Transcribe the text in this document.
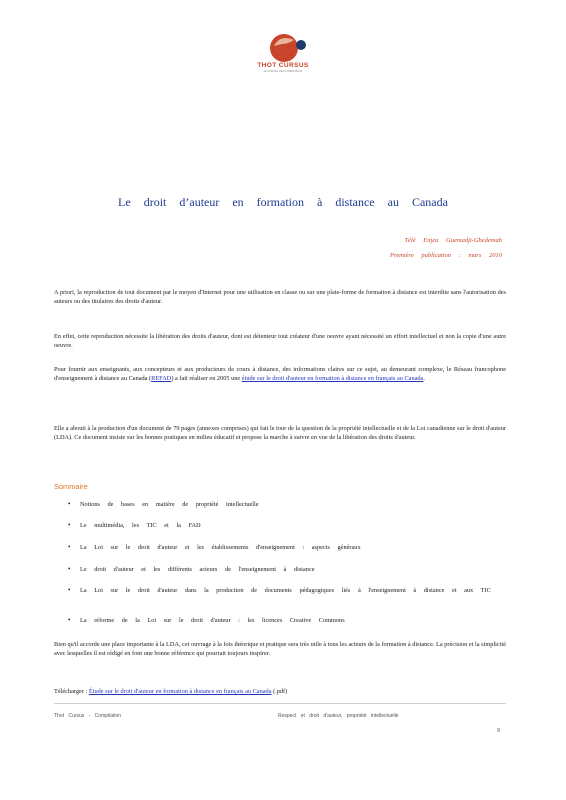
THOT CURSUS
LE PORTAIL DES FORMATIONS
Le droit d’auteur en formation à distance au Canada
Télé Enjeu Guemadji-Gbedemah
Première publication : mars 2010

A priori, la reproduction de tout document par le moyen d'Internet pour une utilisation en classe ou sur une plate-forme de formation à distance est interdite sans l'autorisation des auteurs ou des titulaires des droits d'auteur.

En effet, cette reproduction nécessite la libération des droits d'auteur, dont est détenteur tout créateur d'une oeuvre ayant nécessité un effort intellectuel et non la copie d'une autre oeuvre.

Pour fournir aux enseignants, aux concepteurs et aux producteurs de cours à distance, des informations claires sur ce sujet, au demeurant complexe, le Réseau francophone d'enseignement à distance au Canada (REFAD) a fait réaliser en 2005 une étude sur le droit d'auteur en formation à distance en français au Canada.

Elle a abouti à la production d'un document de 79 pages (annexes comprises) qui fait le tour de la question de la propriété intellectuelle et de la Loi canadienne sur le droit d'auteur (LDA). Ce document insiste sur les bonnes pratiques en milieu éducatif et propose la marche à suivre en vue de la libération des droits d'auteur.

Sommaire
• Notions de bases en matière de propriété intellectuelle
• Le multimédia, les TIC et la FAD
• La Loi sur le droit d'auteur et les établissements d'enseignement : aspects généraux
• Le droit d'auteur et les différents acteurs de l'enseignement à distance
• La Loi sur le droit d'auteur dans la production de documents pédagogiques liés à l'enseignement à distance et aux TIC
• La réforme de la Loi sur le droit d'auteur : les licences Creative Commons

Bien qu'il accorde une place importante à la LDA, cet ouvrage à la fois théorique et pratique sera très utile à tous les acteurs de la formation à distance. La précision et la simplicité avec lesquelles il est rédigé en font une bonne référence qui pourrait toujours inspirer.

Télécharger : Étude sur le droit d'auteur en formation à distance en français au Canada (.pdf)
Thot Cursus - Compilation	Respect et droit d'auteur, propriété intellectuelle
9
